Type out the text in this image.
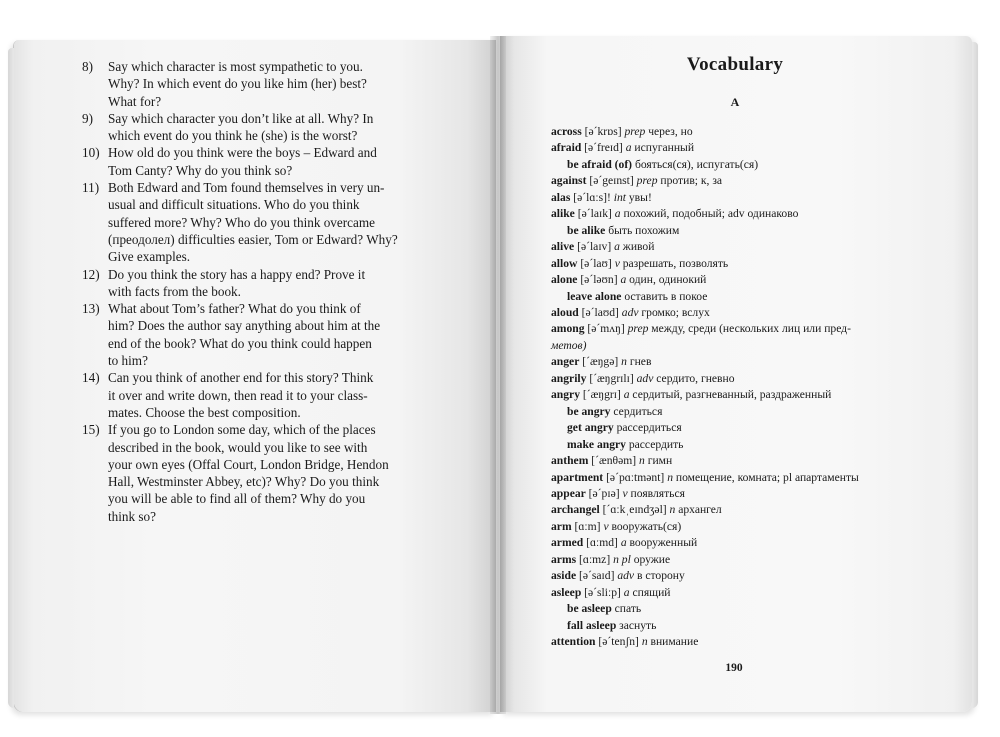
8) Say which character is most sympathetic to you.
Why? In which event do you like him (her) best?
What for?
9) Say which character you don’t like at all. Why? In
which event do you think he (she) is the worst?
10) How old do you think were the boys – Edward and
Tom Canty? Why do you think so?
11) Both Edward and Tom found themselves in very un-
usual and difficult situations. Who do you think
suffered more? Why? Who do you think overcame
(преодолел) difficulties easier, Tom or Edward? Why?
Give examples.
12) Do you think the story has a happy end? Prove it
with facts from the book.
13) What about Tom’s father? What do you think of
him? Does the author say anything about him at the
end of the book? What do you think could happen
to him?
14) Can you think of another end for this story? Think
it over and write down, then read it to your class-
mates. Choose the best composition.
15) If you go to London some day, which of the places
described in the book, would you like to see with
your own eyes (Offal Court, London Bridge, Hendon
Hall, Westminster Abbey, etc)? Why? Do you think
you will be able to find all of them? Why do you
think so?
Vocabulary
A
across [əˊkrɒs] prep через, но
afraid [əˊfreɪd] a испуганный
be afraid (of) бояться(ся), испугать(ся)
against [əˊgeɪnst] prep против; к, за
alas [əˊlɑːs]! int увы!
alike [əˊlaɪk] a похожий, подобный; adv одинаково
be alike быть похожим
alive [əˊlaɪv] a живой
allow [əˊlaʊ] v разрешать, позволять
alone [əˊləʊn] a один, одинокий
leave alone оставить в покое
aloud [əˊlaʊd] adv громко; вслух
among [əˊmʌŋ] prep между, среди (нескольких лиц или пред-
метов)
anger [ˊæŋgə] n гнев
angrily [ˊæŋgrɪlɪ] adv сердито, гневно
angry [ˊæŋgrɪ] a сердитый, разгневанный, раздраженный
be angry сердиться
get angry рассердиться
make angry рассердить
anthem [ˊænθəm] n гимн
apartment [əˊpɑːtmənt] n помещение, комната; pl апартаменты
appear [əˊpɪə] v появляться
archangel [ˊɑːkˌeɪndʒəl] n архангел
arm [ɑːm] v вооружать(ся)
armed [ɑːmd] a вооруженный
arms [ɑːmz] n pl оружие
aside [əˊsaɪd] adv в сторону
asleep [əˊsliːp] a спящий
be asleep спать
fall asleep заснуть
attention [əˊtenʃn] n внимание
190
